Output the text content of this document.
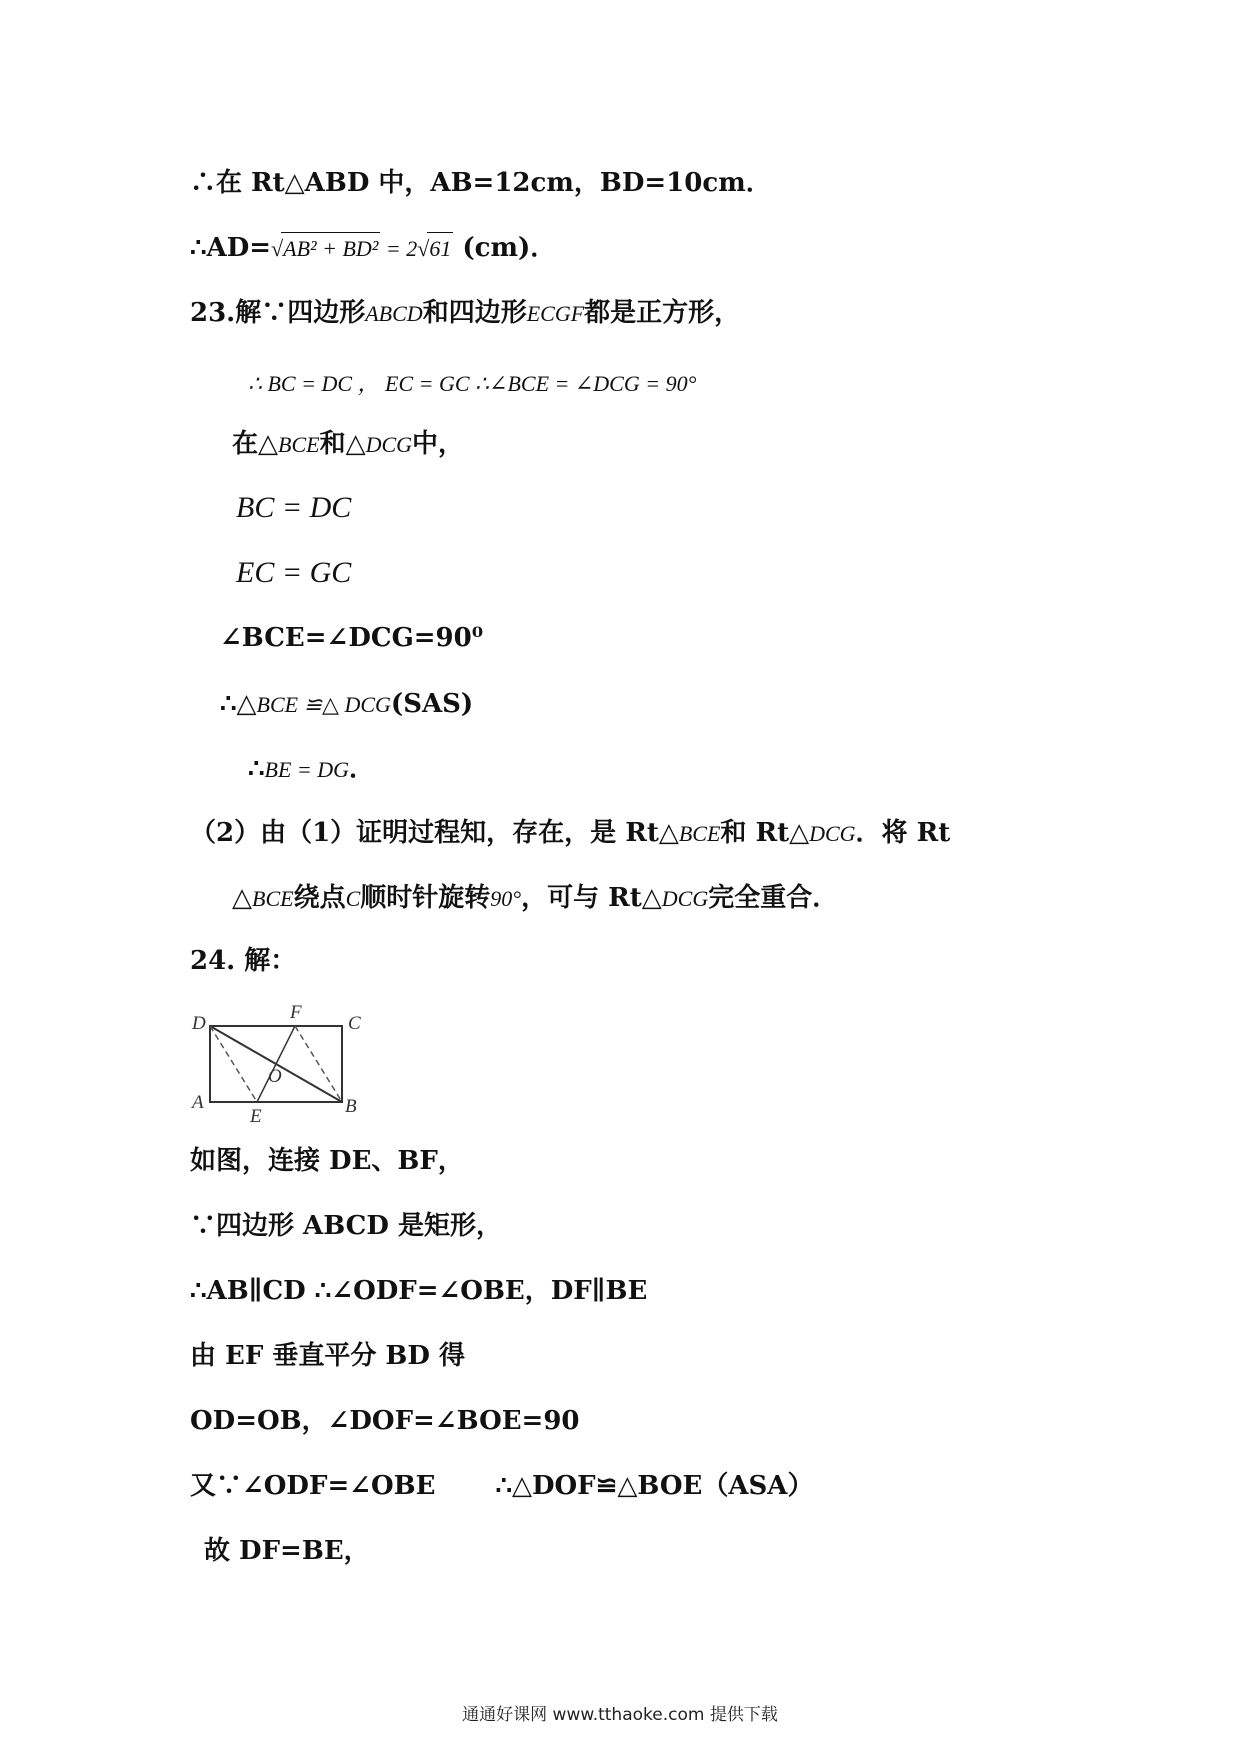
∴在 Rt△ABD 中，AB=12cm，BD=10cm．
∴AD=√AB² + BD² = 2√61 (cm)．
23.解∵四边形ABCD和四边形ECGF都是正方形，
∴ BC = DC ， EC = GC ∴∠BCE = ∠DCG = 90°
在△BCE和△DCG中，
BC = DC
EC = GC
∠BCE=∠DCG=90⁰
∴△BCE ≌△ DCG(SAS)
∴BE = DG．
（2）由（1）证明过程知，存在，是 Rt△BCE和 Rt△DCG．将 Rt
△BCE绕点C顺时针旋转90°，可与 Rt△DCG完全重合．
24. 解：
D
F
C
A
E	B
O
如图，连接 DE、BF，
∵四边形 ABCD 是矩形，
∴AB∥CD ∴∠ODF=∠OBE，DF∥BE
由 EF 垂直平分 BD 得
OD=OB，∠DOF=∠BOE=90
又∵∠ODF=∠OBE ∴△DOF≌△BOE（ASA）
故 DF=BE，
通通好课网 www.tthaoke.com 提供下载
